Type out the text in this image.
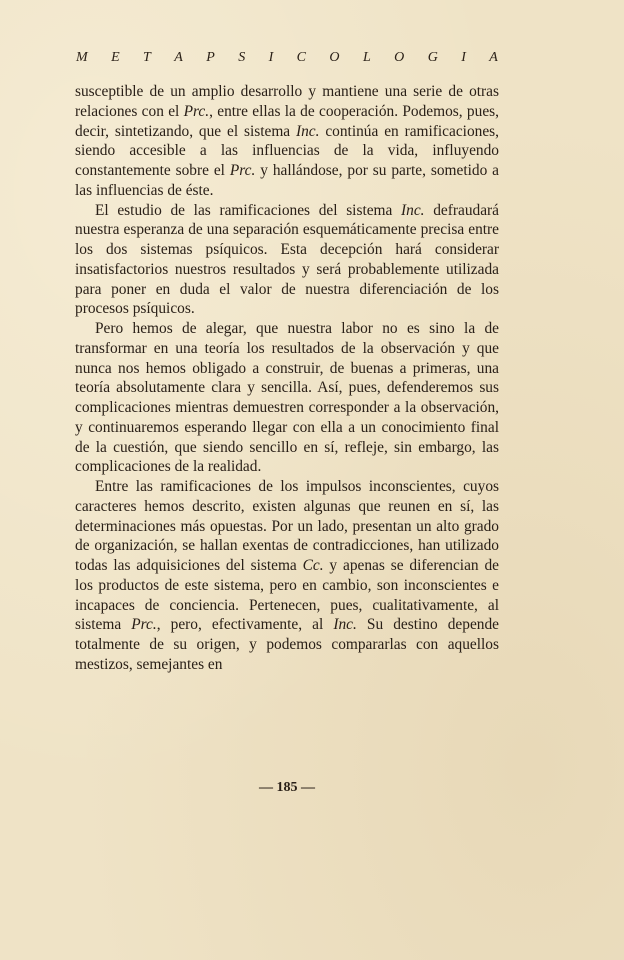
M E T A P S I C O L O G I A

susceptible de un amplio desarrollo y mantiene una serie de otras relaciones con el Prc., entre ellas la de cooperación. Podemos, pues, decir, sintetizando, que el sistema Inc. continúa en ramificaciones, siendo accesible a las influencias de la vida, influyendo constantemente sobre el Prc. y hallándose, por su parte, sometido a las influencias de éste.

El estudio de las ramificaciones del sistema Inc. defraudará nuestra esperanza de una separación esquemáticamente precisa entre los dos sistemas psíquicos. Esta decepción hará considerar insatisfactorios nuestros resultados y será probablemente utilizada para poner en duda el valor de nuestra diferenciación de los procesos psíquicos.

Pero hemos de alegar, que nuestra labor no es sino la de transformar en una teoría los resultados de la observación y que nunca nos hemos obligado a construir, de buenas a primeras, una teoría absolutamente clara y sencilla. Así, pues, defenderemos sus complicaciones mientras demuestren corresponder a la observación, y continuaremos esperando llegar con ella a un conocimiento final de la cuestión, que siendo sencillo en sí, refleje, sin embargo, las complicaciones de la realidad.

Entre las ramificaciones de los impulsos inconscientes, cuyos caracteres hemos descrito, existen algunas que reunen en sí, las determinaciones más opuestas. Por un lado, presentan un alto grado de organización, se hallan exentas de contradicciones, han utilizado todas las adquisiciones del sistema Cc. y apenas se diferencian de los productos de este sistema, pero en cambio, son inconscientes e incapaces de conciencia. Pertenecen, pues, cualitativamente, al sistema Prc., pero, efectivamente, al Inc. Su destino depende totalmente de su origen, y podemos compararlas con aquellos mestizos, semejantes en

— 185 —
